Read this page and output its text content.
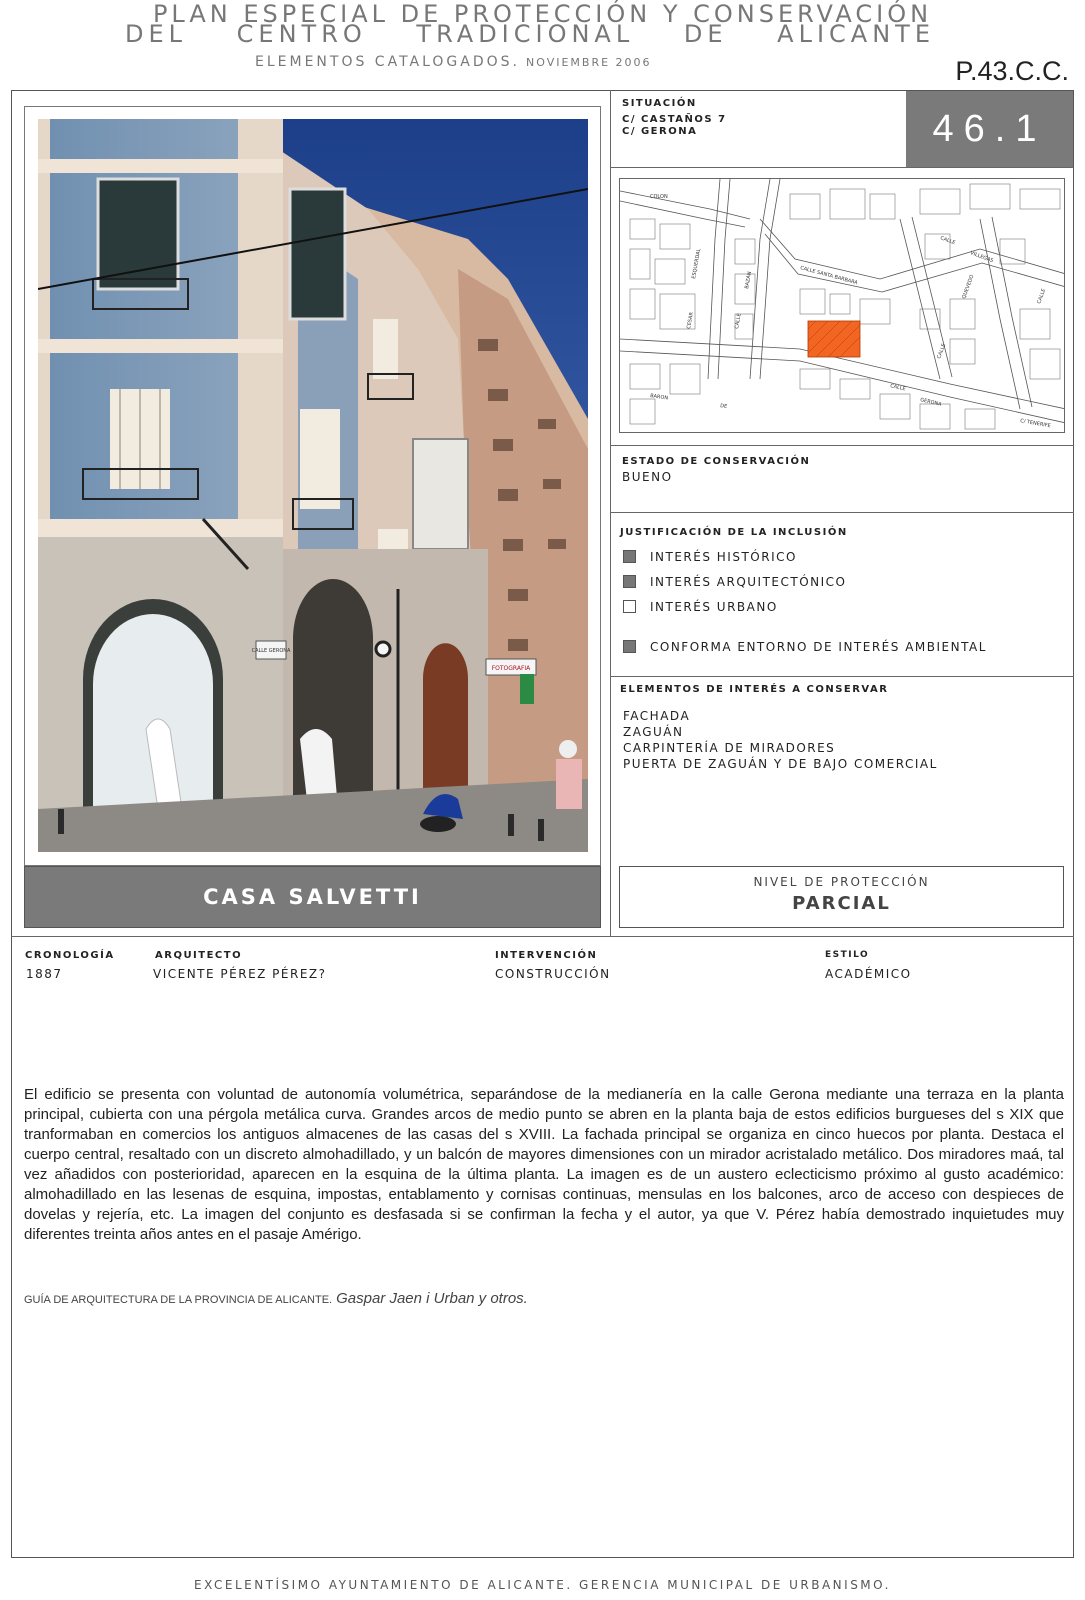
PLAN ESPECIAL DE PROTECCIÓN Y CONSERVACIÓN
DEL CENTRO TRADICIONAL DE ALICANTE
ELEMENTOS CATALOGADOS. NOVIEMBRE 2006	P.43.C.C.
CALLE GERONA
FOTOGRAFIA
CASA SALVETTI
SITUACIÓN
C/ CASTAÑOS 7
C/ GERONA	46.1
COLON
CALLE
VILLEGAS
CALLE SANTA BARBARA
ESQUERDAL
BAZAN
CALLE
CESAR
QUEVEDO
CALLE
CALLE
GERONA
CALLE
BARON
DE
C/ TENERIFE
ESTADO DE CONSERVACIÓN
BUENO
JUSTIFICACIÓN DE LA INCLUSIÓN
INTERÉS HISTÓRICO
INTERÉS ARQUITECTÓNICO
INTERÉS URBANO
CONFORMA ENTORNO DE INTERÉS AMBIENTAL
ELEMENTOS DE INTERÉS A CONSERVAR
FACHADA
ZAGUÁN
CARPINTERÍA DE MIRADORES
PUERTA DE ZAGUÁN Y DE BAJO COMERCIAL
NIVEL DE PROTECCIÓN
PARCIAL
CRONOLOGÍA
1887
ARQUITECTO
VICENTE PÉREZ PÉREZ?
INTERVENCIÓN
CONSTRUCCIÓN
ESTILO
ACADÉMICO
El edificio se presenta con voluntad de autonomía volumétrica, separándose de la medianería en la calle Gerona mediante una terraza en la planta principal, cubierta con una pérgola metálica curva. Grandes arcos de medio punto se abren en la planta baja de estos edificios burgueses del s XIX que tranformaban en comercios los antiguos almacenes de las casas del s XVIII. La fachada principal se organiza en cinco huecos por planta. Destaca el cuerpo central, resaltado con un discreto almohadillado, y un balcón de mayores dimensiones con un mirador acristalado metálico. Dos miradores maá, tal vez añadidos con posterioridad, aparecen en la esquina de la última planta. La imagen es de un austero eclecticismo próximo al gusto académico: almohadillado en las lesenas de esquina, impostas, entablamento y cornisas continuas, mensulas en los balcones, arco de acceso con despieces de dovelas y rejería, etc. La imagen del conjunto es desfasada si se confirman la fecha y el autor, ya que V. Pérez había demostrado inquietudes muy diferentes treinta años antes en el pasaje Amérigo.
GUÍA DE ARQUITECTURA DE LA PROVINCIA DE ALICANTE. Gaspar Jaen i Urban y otros.
EXCELENTÍSIMO AYUNTAMIENTO DE ALICANTE. GERENCIA MUNICIPAL DE URBANISMO.
